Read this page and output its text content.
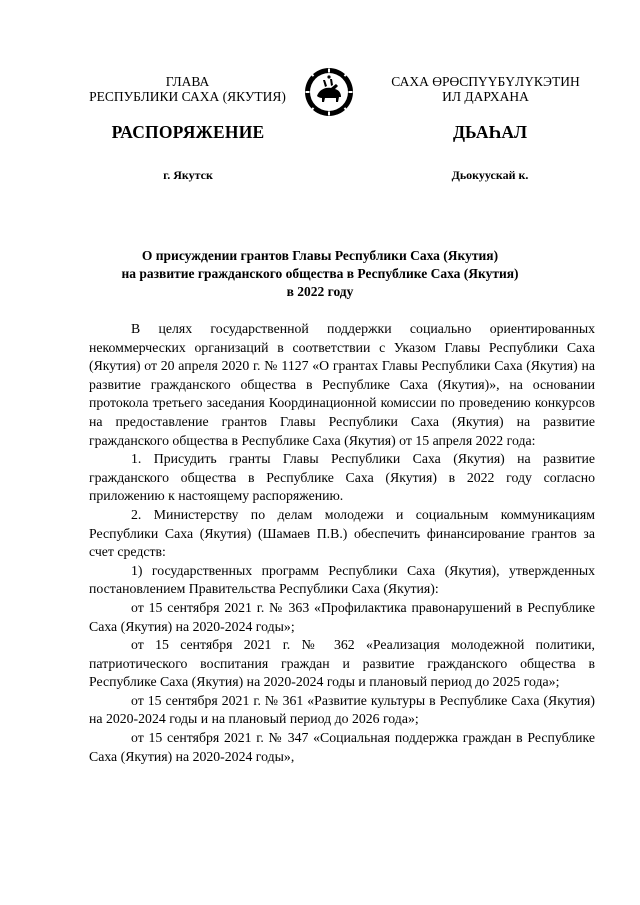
ГЛАВА
РЕСПУБЛИКИ САХА (ЯКУТИЯ)
САХА ӨРӨСПҮҮБҮЛҮКЭТИН
ИЛ ДАРХАНА
РАСПОРЯЖЕНИЕ	ДЬАҺАЛ
г. Якутск	Дьокуускай к.
О присуждении грантов Главы Республики Саха (Якутия)
на развитие гражданского общества в Республике Саха (Якутия)
в 2022 году

В целях государственной поддержки социально ориентированных некоммерческих организаций в соответствии с Указом Главы Республики Саха (Якутия) от 20 апреля 2020 г. № 1127 «О грантах Главы Республики Саха (Якутия) на развитие гражданского общества в Республике Саха (Якутия)», на основании протокола третьего заседания Координационной комиссии по проведению конкурсов на предоставление грантов Главы Республики Саха (Якутия) на развитие гражданского общества в Республике Саха (Якутия) от 15 апреля 2022 года:

1. Присудить гранты Главы Республики Саха (Якутия) на развитие гражданского общества в Республике Саха (Якутия) в 2022 году согласно приложению к настоящему распоряжению.

2. Министерству по делам молодежи и социальным коммуникациям Республики Саха (Якутия) (Шамаев П.В.) обеспечить финансирование грантов за счет средств:

1) государственных программ Республики Саха (Якутия), утвержденных постановлением Правительства Республики Саха (Якутия):

от 15 сентября 2021 г. № 363 «Профилактика правонарушений в Республике Саха (Якутия) на 2020-2024 годы»;

от 15 сентября 2021 г. № 362 «Реализация молодежной политики, патриотического воспитания граждан и развитие гражданского общества в Республике Саха (Якутия) на 2020-2024 годы и плановый период до 2025 года»;

от 15 сентября 2021 г. № 361 «Развитие культуры в Республике Саха (Якутия) на 2020-2024 годы и на плановый период до 2026 года»;

от 15 сентября 2021 г. № 347 «Социальная поддержка граждан в Республике Саха (Якутия) на 2020-2024 годы»,
